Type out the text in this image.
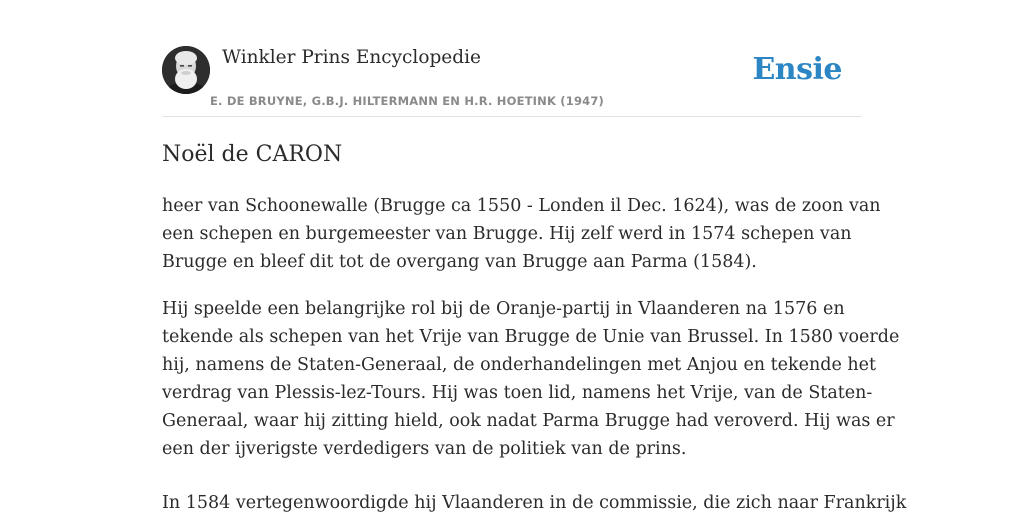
Winkler Prins Encyclopedie
E. DE BRUYNE, G.B.J. HILTERMANN EN H.R. HOETINK (1947)
Ensie
Noël de CARON

heer van Schoonewalle (Brugge ca 1550 - Londen il Dec. 1624), was de zoon van
een schepen en burgemeester van Brugge. Hij zelf werd in 1574 schepen van
Brugge en bleef dit tot de overgang van Brugge aan Parma (1584).

Hij speelde een belangrijke rol bij de Oranje-partij in Vlaanderen na 1576 en
tekende als schepen van het Vrije van Brugge de Unie van Brussel. In 1580 voerde
hij, namens de Staten-Generaal, de onderhandelingen met Anjou en tekende het
verdrag van Plessis-lez-Tours. Hij was toen lid, namens het Vrije, van de Staten-
Generaal, waar hij zitting hield, ook nadat Parma Brugge had veroverd. Hij was er
een der ijverigste verdedigers van de politiek van de prins.

In 1584 vertegenwoordigde hij Vlaanderen in de commissie, die zich naar Frankrijk
